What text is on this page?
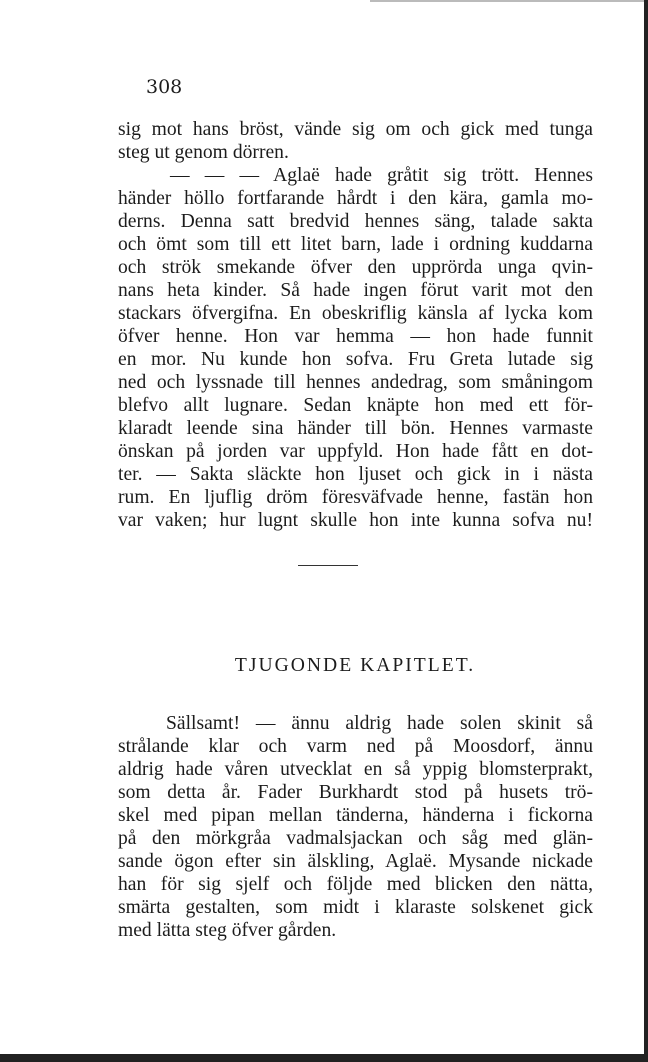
308
sig mot hans bröst, vände sig om och gick med tunga
steg ut genom dörren.
— — — Aglaë hade gråtit sig trött. Hennes
händer höllo fortfarande hårdt i den kära, gamla mo-
derns. Denna satt bredvid hennes säng, talade sakta
och ömt som till ett litet barn, lade i ordning kuddarna
och strök smekande öfver den upprörda unga qvin-
nans heta kinder. Så hade ingen förut varit mot den
stackars öfvergifna. En obeskriflig känsla af lycka kom
öfver henne. Hon var hemma — hon hade funnit
en mor. Nu kunde hon sofva. Fru Greta lutade sig
ned och lyssnade till hennes andedrag, som småningom
blefvo allt lugnare. Sedan knäpte hon med ett för-
klaradt leende sina händer till bön. Hennes varmaste
önskan på jorden var uppfyld. Hon hade fått en dot-
ter. — Sakta släckte hon ljuset och gick in i nästa
rum. En ljuflig dröm föresväfvade henne, fastän hon
var vaken; hur lugnt skulle hon inte kunna sofva nu!
TJUGONDE KAPITLET.
Sällsamt! — ännu aldrig hade solen skinit så
strålande klar och varm ned på Moosdorf, ännu
aldrig hade våren utvecklat en så yppig blomsterprakt,
som detta år. Fader Burkhardt stod på husets trö-
skel med pipan mellan tänderna, händerna i fickorna
på den mörkgråa vadmalsjackan och såg med glän-
sande ögon efter sin älskling, Aglaë. Mysande nickade
han för sig sjelf och följde med blicken den nätta,
smärta gestalten, som midt i klaraste solskenet gick
med lätta steg öfver gården.
